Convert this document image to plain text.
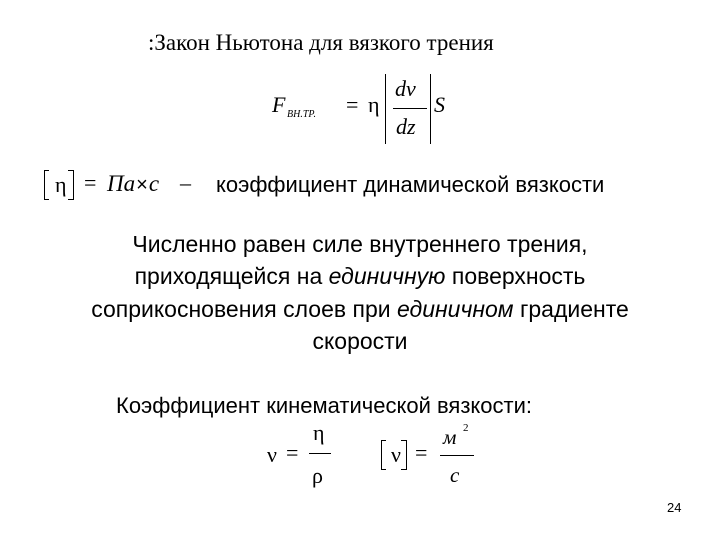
:Закон Ньютона для вязкого трения
F ВН.ТР. = η
dv
dz
S
η = Па×с – коэффициент динамической вязкости
Численно равен силе внутреннего трения,
приходящейся на единичную поверхность
соприкосновения слоев при единичном градиенте
скорости
Коэффициент кинематической вязкости:
ν =
η
ρ
ν =
м 2
с
24
